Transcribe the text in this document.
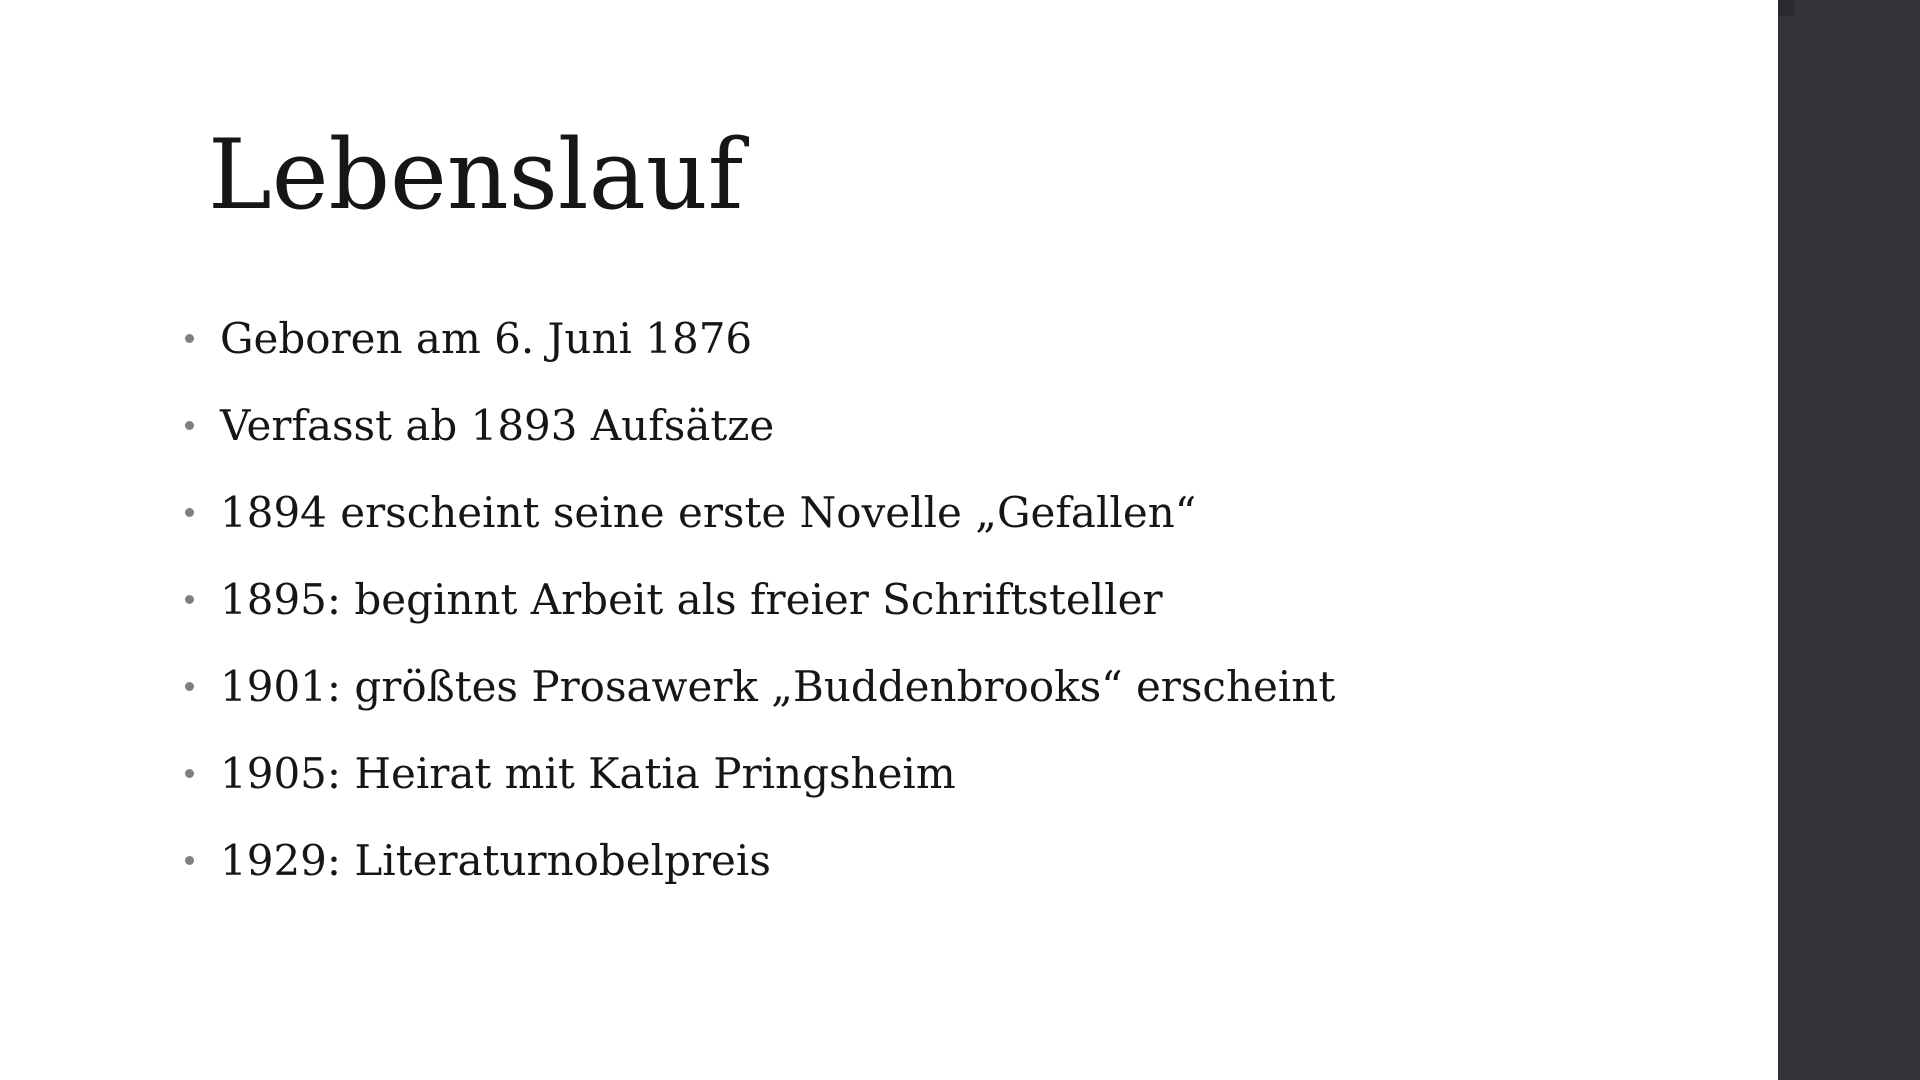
Lebenslauf
Geboren am 6. Juni 1876
Verfasst ab 1893 Aufsätze
1894 erscheint seine erste Novelle „Gefallen“
1895: beginnt Arbeit als freier Schriftsteller
1901: größtes Prosawerk „Buddenbrooks“ erscheint
1905: Heirat mit Katia Pringsheim
1929: Literaturnobelpreis
